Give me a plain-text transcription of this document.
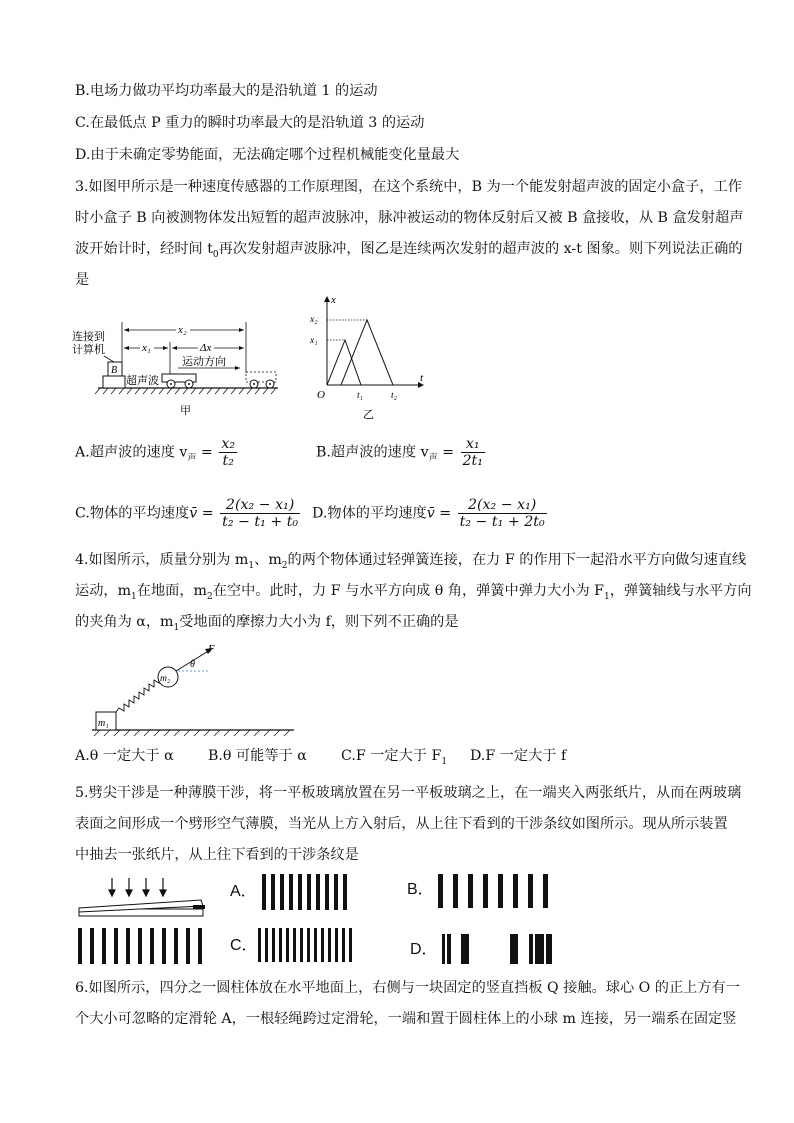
B.电场力做功平均功率最大的是沿轨道 1 的运动
C.在最低点 P 重力的瞬时功率最大的是沿轨道 3 的运动
D.由于未确定零势能面，无法确定哪个过程机械能变化量最大
3.如图甲所示是一种速度传感器的工作原理图，在这个系统中，B 为一个能发射超声波的固定小盒子，工作
时小盒子 B 向被测物体发出短暂的超声波脉冲，脉冲被运动的物体反射后又被 B 盒接收，从 B 盒发射超声
波开始计时，经时间 $t_0$再次发射超声波脉冲，图乙是连续两次发射的超声波的 x-t 图象。则下列说法正确的
是
B
连接到
计算机
x₂
x₁	Δx
运动方向
超声波
甲
x
t
O
x₂
x₁
t₁	t₂
乙
A.超声波的速度 $v_声 = \frac{\text{x₂}}{\text{t₂}}$	B.超声波的速度 $v_声 = \frac{\text{x₁}}{\text{2t₁}}$
C.物体的平均速度v̄ = $\frac{\text{2(x₂ − x₁)}}{\text{t₂ − t₁ + t₀}} D$.物体的平均速度v̄ = $\frac{\text{2(x₂ − x₁)}}{\text{t₂ − t₁ + 2t₀}}$
4.如图所示，质量分别为 $m_1$、$m_2$的两个物体通过轻弹簧连接，在力 F 的作用下一起沿水平方向做匀速直线
运动，$m_1$在地面，$m_2$在空中。此时，力 F 与水平方向成 θ 角，弹簧中弹力大小为 $F_1$，弹簧轴线与水平方向
的夹角为 α，$m_1$受地面的摩擦力大小为 f，则下列不正确的是
m₁
m₂
F
θ
A.θ 一定大于 α B.θ 可能等于 α C.F 一定大于 $F_1$ D.F 一定大于 f
5.劈尖干涉是一种薄膜干涉，将一平板玻璃放置在另一平板玻璃之上，在一端夹入两张纸片，从而在两玻璃
表面之间形成一个劈形空气薄膜，当光从上方入射后，从上往下看到的干涉条纹如图所示。现从所示装置
中抽去一张纸片，从上往下看到的干涉条纹是
A．	B．
C．	D．
6.如图所示，四分之一圆柱体放在水平地面上，右侧与一块固定的竖直挡板 Q 接触。球心 O 的正上方有一
个大小可忽略的定滑轮 A，一根轻绳跨过定滑轮，一端和置于圆柱体上的小球 m 连接，另一端系在固定竖
